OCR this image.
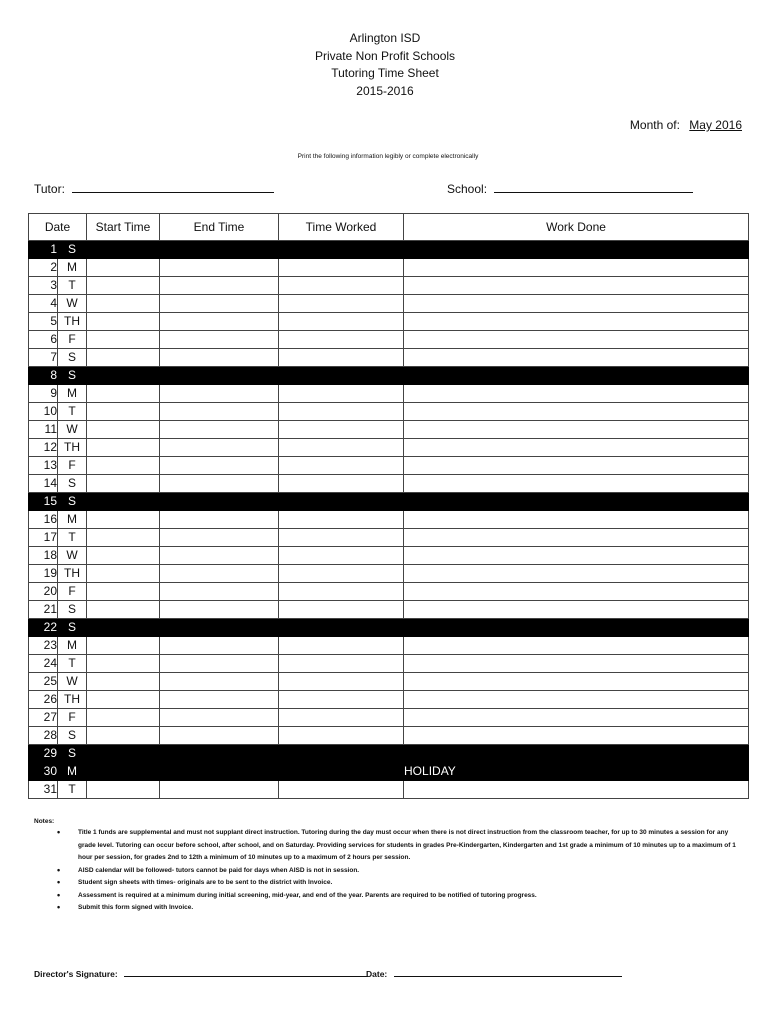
Arlington ISD
Private Non Profit Schools
Tutoring Time Sheet
2015-2016
Month of: May 2016
Print the following information legibly or complete electronically
Tutor:	School:
Date		Start Time	End Time	Time Worked	Work Done
1	S				
2	M				
3	T				
4	W				
5	TH				
6	F				
7	S				
8	S				
9	M				
10	T				
11	W				
12	TH				
13	F				
14	S				
15	S				
16	M				
17	T				
18	W				
19	TH				
20	F				
21	S				
22	S				
23	M				
24	T				
25	W				
26	TH				
27	F				
28	S				
29	S				
30	M				HOLIDAY
31	T				
Notes:
•	Title 1 funds are supplemental and must not supplant direct instruction. Tutoring during the day must occur when there is not direct instruction from the classroom teacher, for up to 30 minutes a session for any grade level. Tutoring can occur before school, after school, and on Saturday. Providing services for students in grades Pre-Kindergarten, Kindergarten and 1st grade a minimum of 10 minutes up to a maximum of 1 hour per session, for grades 2nd to 12th a minimum of 10 minutes up to a maximum of 2 hours per session.
•	AISD calendar will be followed- tutors cannot be paid for days when AISD is not in session.
•	Student sign sheets with times- originals are to be sent to the district with Invoice.
•	Assessment is required at a minimum during initial screening, mid-year, and end of the year. Parents are required to be notified of tutoring progress.
•	Submit this form signed with Invoice.
Director's Signature:	Date:
